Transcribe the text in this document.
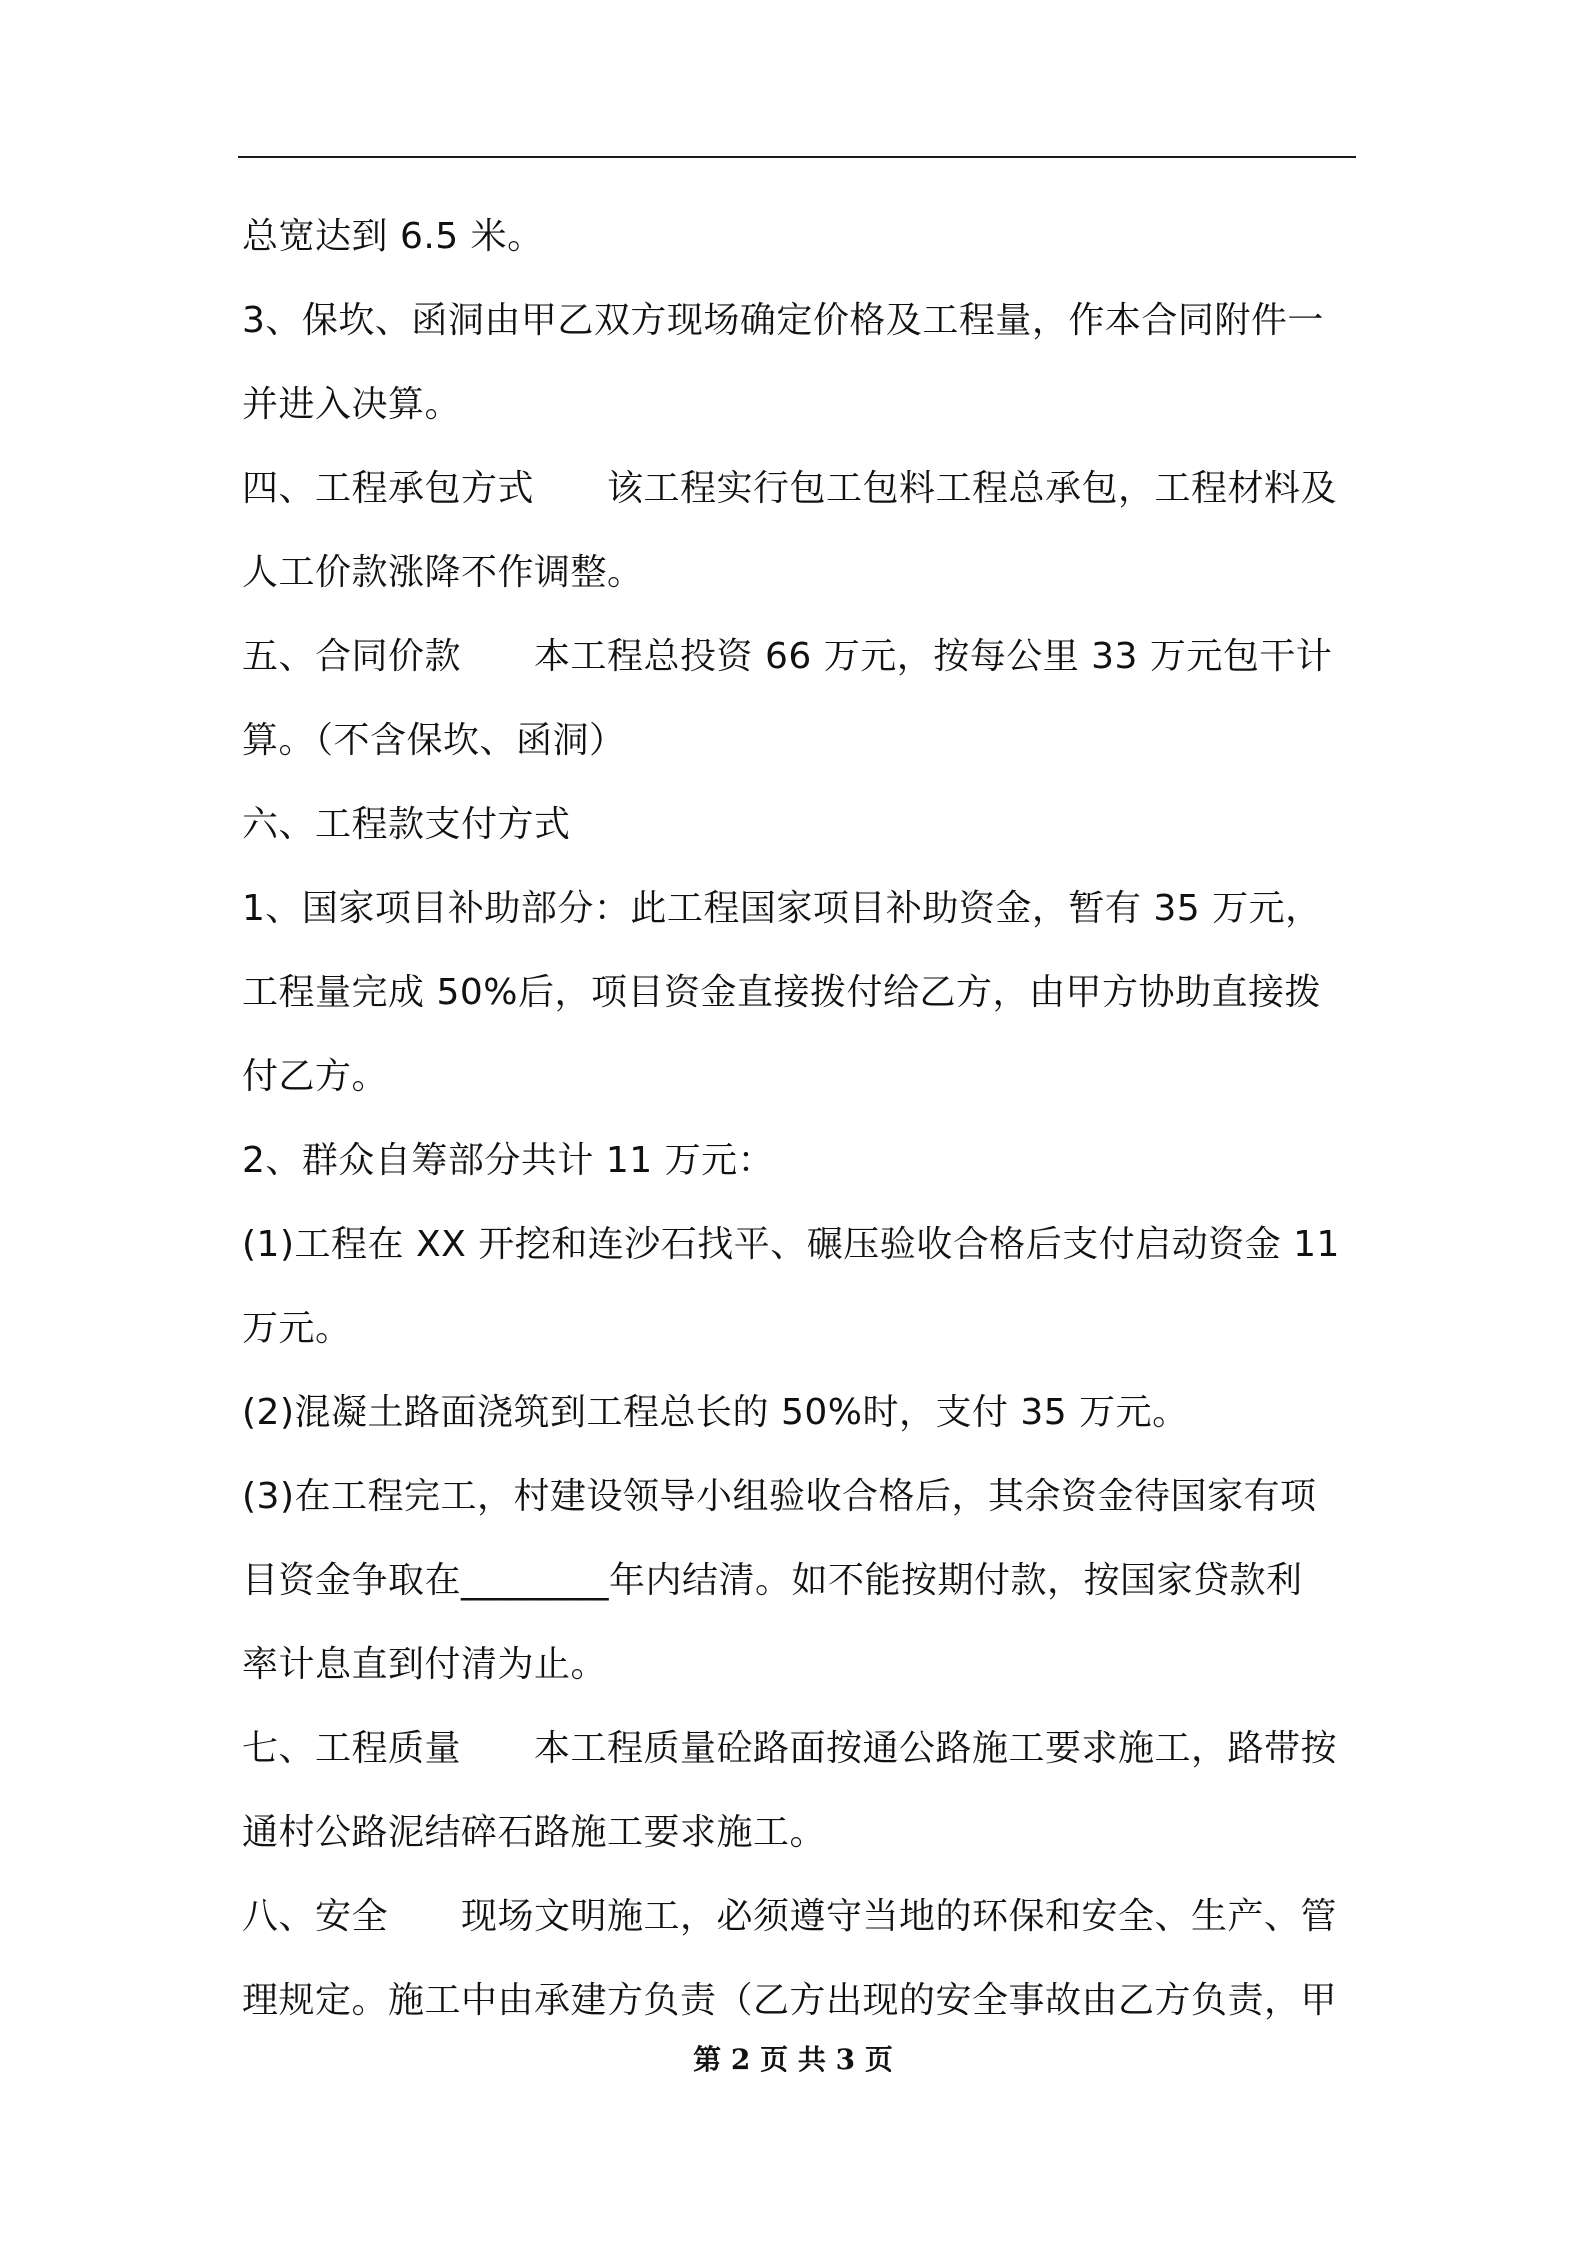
总宽达到 6.5 米。
3、保坎、函洞由甲乙双方现场确定价格及工程量，作本合同附件一
并进入决算。
四、工程承包方式　　该工程实行包工包料工程总承包，工程材料及
人工价款涨降不作调整。
五、合同价款　　本工程总投资 66 万元，按每公里 33 万元包干计
算。（不含保坎、函洞）
六、工程款支付方式
1、国家项目补助部分：此工程国家项目补助资金，暂有 35 万元，
工程量完成 50%后，项目资金直接拨付给乙方，由甲方协助直接拨
付乙方。
2、群众自筹部分共计 11 万元：
(1)工程在 XX 开挖和连沙石找平、碾压验收合格后支付启动资金 11
万元。
(2)混凝土路面浇筑到工程总长的 50%时，支付 35 万元。
(3)在工程完工，村建设领导小组验收合格后，其余资金待国家有项
目资金争取在________年内结清。如不能按期付款，按国家贷款利
率计息直到付清为止。
七、工程质量　　本工程质量砼路面按通公路施工要求施工，路带按
通村公路泥结碎石路施工要求施工。
八、安全　　现场文明施工，必须遵守当地的环保和安全、生产、管
理规定。施工中由承建方负责（乙方出现的安全事故由乙方负责，甲
第 2 页 共 3 页
